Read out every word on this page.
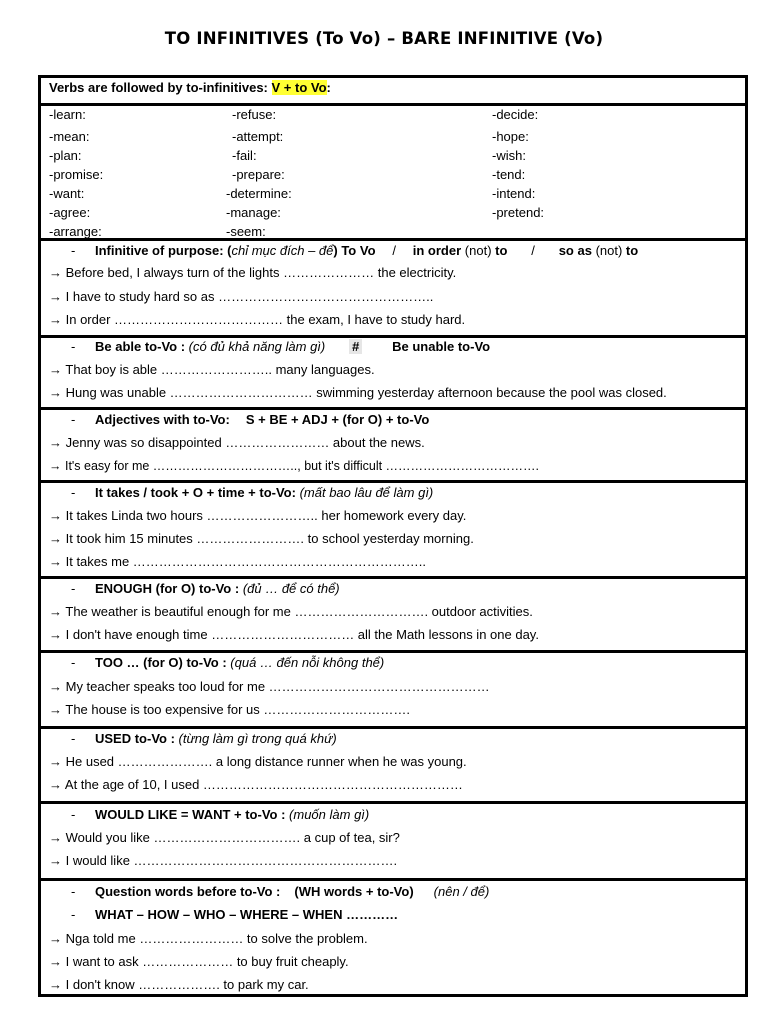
TO INFINITIVES (To Vo) – BARE INFINITIVE (Vo)
Verbs are followed by to-infinitives: V + to Vo:
-learn:	-refuse:	-decide:
-mean:	-attempt:	-hope:
-plan:	-fail:	-wish:
-promise:	-prepare:	-tend:
-want:	-determine:	-intend:
-agree:	-manage:	-pretend:
-arrange:	-seem:
- Infinitive of purpose: (chỉ mục đích – để) To Vo / in order (not) to / so as (not) to
→ Before bed, I always turn of the lights ………………… the electricity.
→ I have to study hard so as …………………………………………..
→ In order ………………………………… the exam, I have to study hard.
- Be able to-Vo : (có đủ khả năng làm gì) #	Be unable to-Vo
→ That boy is able …………………….. many languages.
→ Hung was unable …………………………… swimming yesterday afternoon because the pool was closed.
- Adjectives with to-Vo: S + BE + ADJ + (for O) + to-Vo
→ Jenny was so disappointed …………………… about the news.
→ It's easy for me …………………………….., but it's difficult ……………………………….
- It takes / took + O + time + to-Vo: (mất bao lâu để làm gì)
→ It takes Linda two hours …………………….. her homework every day.
→ It took him 15 minutes ……………………. to school yesterday morning.
→ It takes me …………………………………………………………..
- ENOUGH (for O) to-Vo : (đủ … để có thể)
→ The weather is beautiful enough for me …………………………. outdoor activities.
→ I don't have enough time …………………………… all the Math lessons in one day.
- TOO … (for O) to-Vo : (quá … đến nỗi không thể)
→ My teacher speaks too loud for me ……………………………………………
→ The house is too expensive for us …………………………….
- USED to-Vo : (từng làm gì trong quá khứ)
→ He used …………………. a long distance runner when he was young.
→ At the age of 10, I used ……………………………………………………
- WOULD LIKE = WANT + to-Vo : (muốn làm gì)
→ Would you like ……………………………. a cup of tea, sir?
→ I would like …………………………………………………….
- Question words before to-Vo : (WH words + to-Vo) (nên / để)
- WHAT – HOW – WHO – WHERE – WHEN …………
→ Nga told me …………………… to solve the problem.
→ I want to ask ………………… to buy fruit cheaply.
→ I don't know ………………. to park my car.
